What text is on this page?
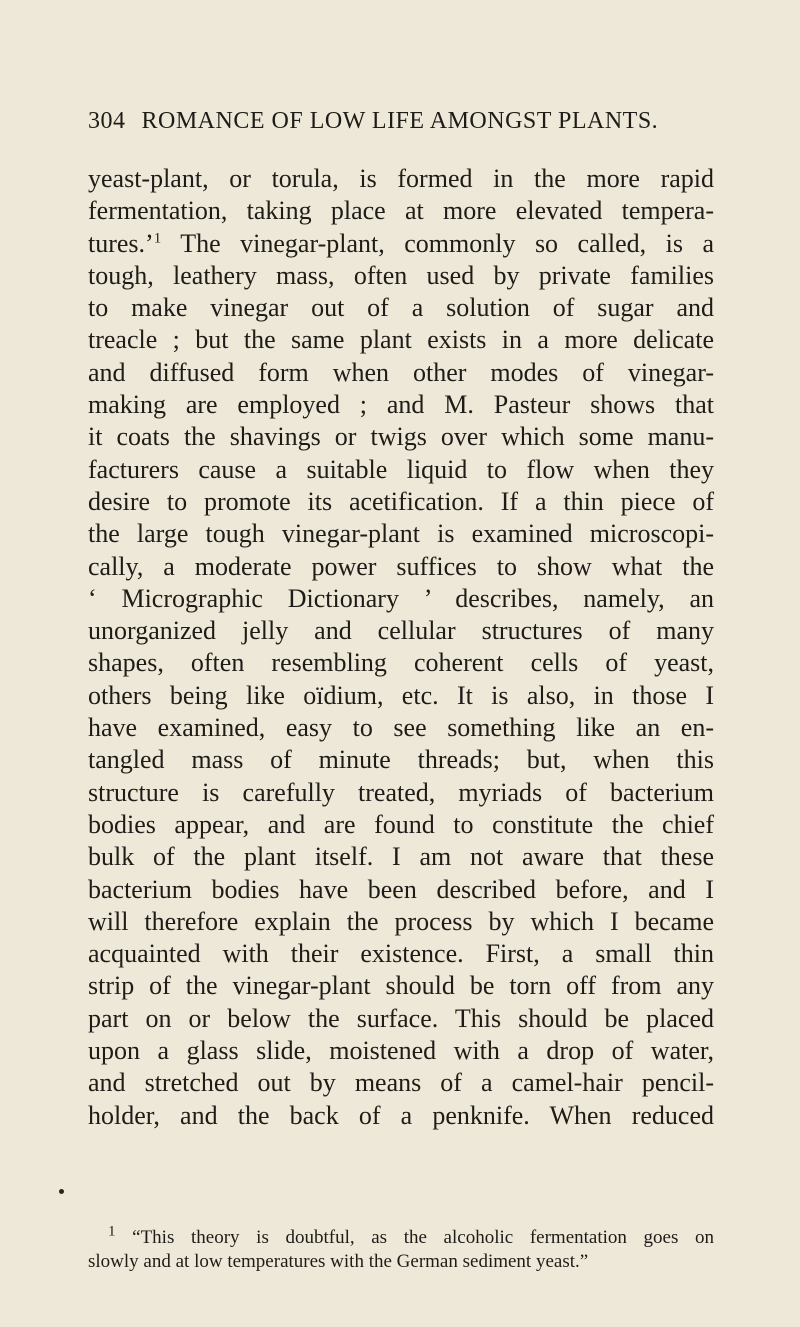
304 ROMANCE OF LOW LIFE AMONGST PLANTS.
yeast-plant, or torula, is formed in the more rapid
fermentation, taking place at more elevated tempera-
tures.’$^1$ The vinegar-plant, commonly so called, is a
tough, leathery mass, often used by private families
to make vinegar out of a solution of sugar and
treacle ; but the same plant exists in a more delicate
and diffused form when other modes of vinegar-
making are employed ; and M. Pasteur shows that
it coats the shavings or twigs over which some manu-
facturers cause a suitable liquid to flow when they
desire to promote its acetification. If a thin piece of
the large tough vinegar-plant is examined microscopi-
cally, a moderate power suffices to show what the
‘ Micrographic Dictionary ’ describes, namely, an
unorganized jelly and cellular structures of many
shapes, often resembling coherent cells of yeast,
others being like oïdium, etc. It is also, in those I
have examined, easy to see something like an en-
tangled mass of minute threads; but, when this
structure is carefully treated, myriads of bacterium
bodies appear, and are found to constitute the chief
bulk of the plant itself. I am not aware that these
bacterium bodies have been described before, and I
will therefore explain the process by which I became
acquainted with their existence. First, a small thin
strip of the vinegar-plant should be torn off from any
part on or below the surface. This should be placed
upon a glass slide, moistened with a drop of water,
and stretched out by means of a camel-hair pencil-
holder, and the back of a penknife. When reduced
$^1$ “This theory is doubtful, as the alcoholic fermentation goes on
slowly and at low temperatures with the German sediment yeast.”
